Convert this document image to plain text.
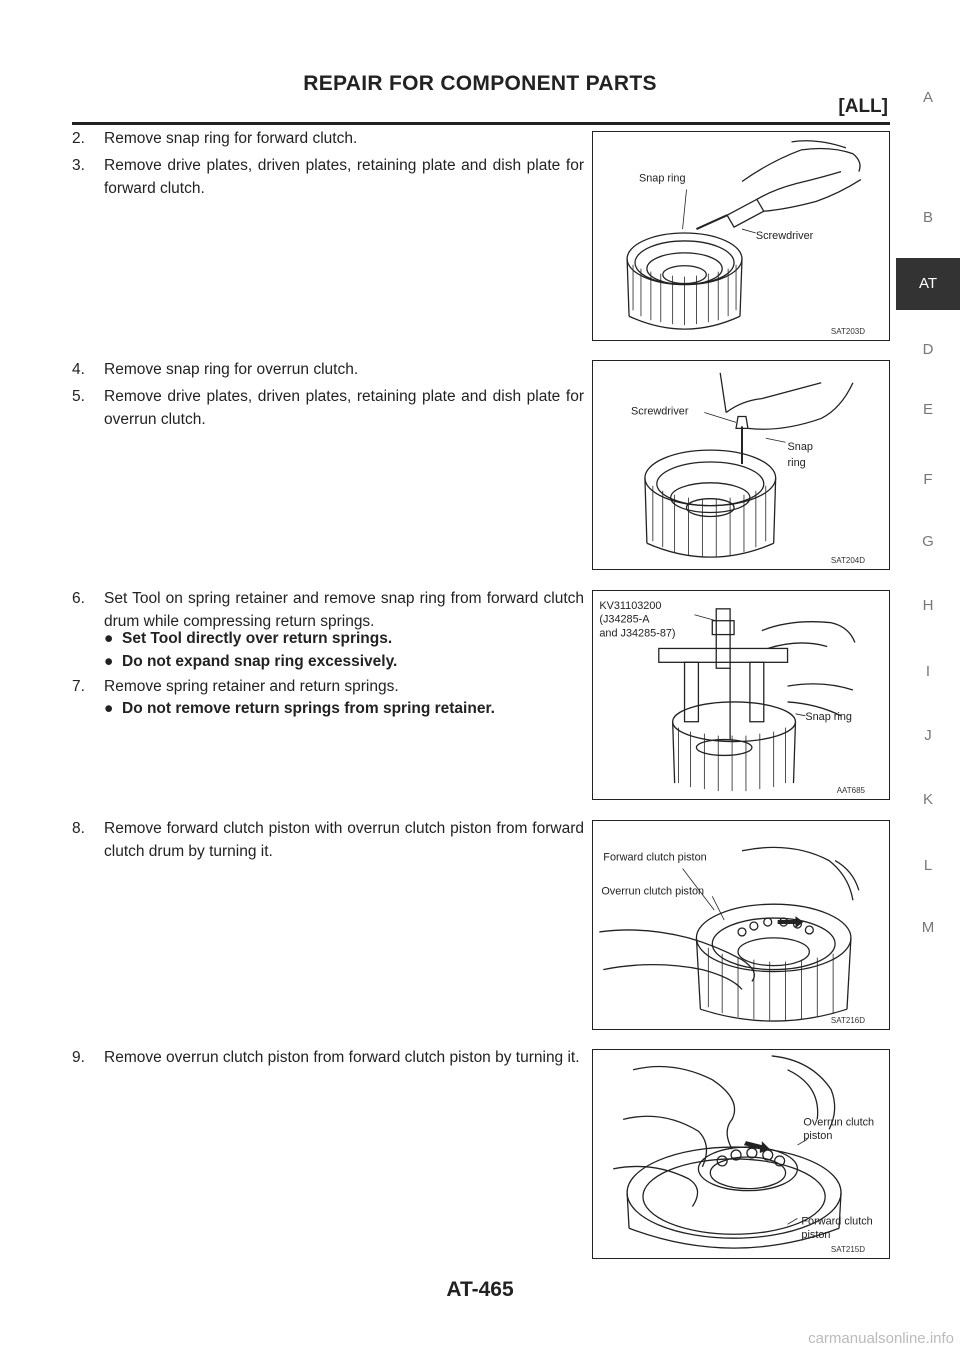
REPAIR FOR COMPONENT PARTS
[ALL]	A
B
AT
D
E
F
G
H
I
J
K
L
M
2. Remove snap ring for forward clutch.
3. Remove drive plates, driven plates, retaining plate and dish plate for forward clutch.
4. Remove snap ring for overrun clutch.
5. Remove drive plates, driven plates, retaining plate and dish plate for overrun clutch.
6. Set Tool on spring retainer and remove snap ring from forward clutch drum while compressing return springs.
● Set Tool directly over return springs.
● Do not expand snap ring excessively.
7. Remove spring retainer and return springs.
● Do not remove return springs from spring retainer.
8. Remove forward clutch piston with overrun clutch piston from forward clutch drum by turning it.
9. Remove overrun clutch piston from forward clutch piston by turning it.
Snap ring
Screwdriver
SAT203D
Screwdriver
Snap
ring
SAT204D
KV31103200
(J34285-A
and J34285-87)
Snap ring
AAT685
Forward clutch piston
Overrun clutch piston
SAT216D
Overrun clutch
piston
Forward clutch
piston
SAT215D
AT-465
carmanualsonline.info
